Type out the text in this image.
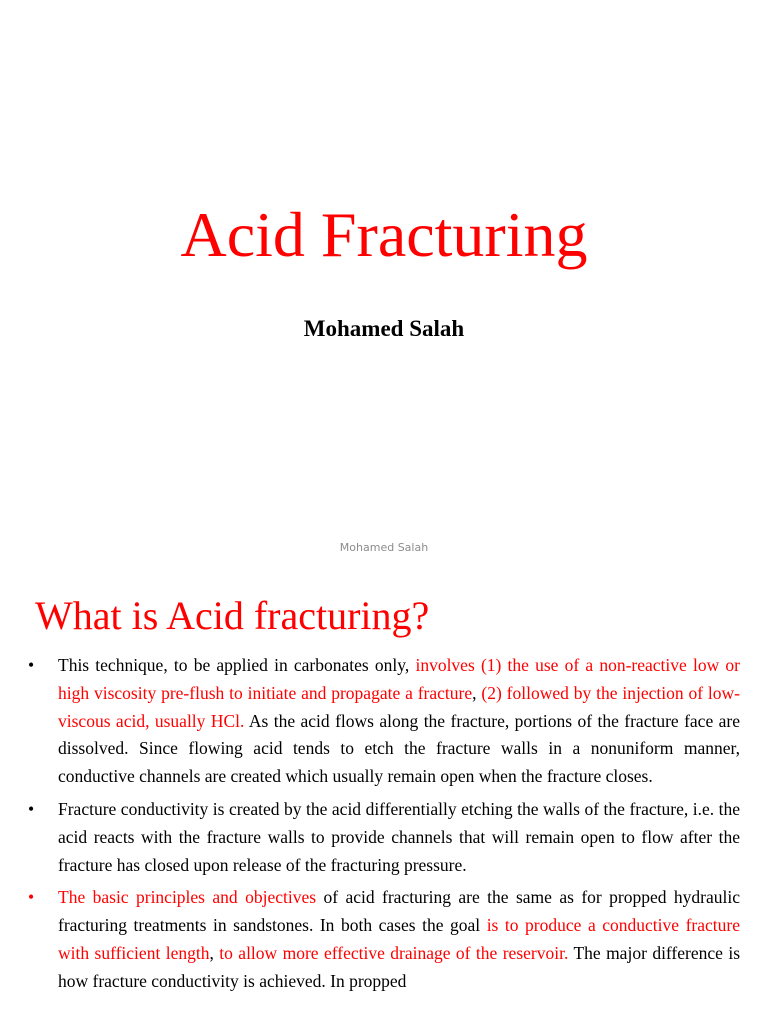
Acid Fracturing
Mohamed Salah
Mohamed Salah
What is Acid fracturing?
• This technique, to be applied in carbonates only, involves (1) the use of a non-reactive low or high viscosity pre-flush to initiate and propagate a fracture, (2) followed by the injection of low-viscous acid, usually HCl. As the acid flows along the fracture, portions of the fracture face are dissolved. Since flowing acid tends to etch the fracture walls in a nonuniform manner, conductive channels are created which usually remain open when the fracture closes.
• Fracture conductivity is created by the acid differentially etching the walls of the fracture, i.e. the acid reacts with the fracture walls to provide channels that will remain open to flow after the fracture has closed upon release of the fracturing pressure.
• The basic principles and objectives of acid fracturing are the same as for propped hydraulic fracturing treatments in sandstones. In both cases the goal is to produce a conductive fracture with sufficient length, to allow more effective drainage of the reservoir. The major difference is how fracture conductivity is achieved. In propped
